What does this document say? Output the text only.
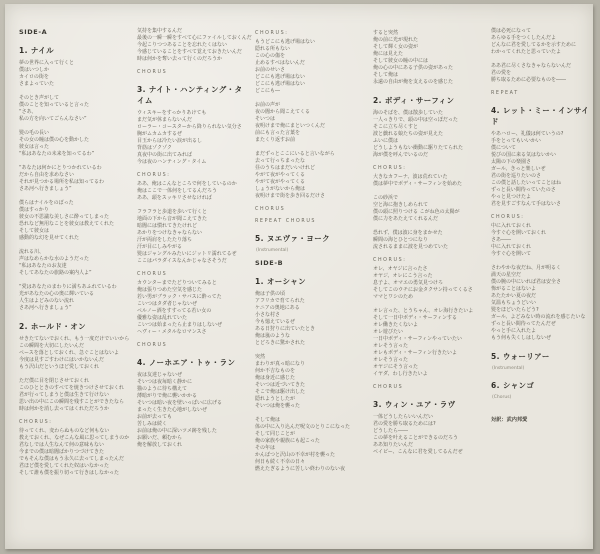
SIDE-A
1. ナイル
夢の世界に入って行くと
僕はいつしか
カイロの街を
さまよっていた
そのとき声がして
僕のことを知っていると言った
“さあ、
私の方を向いてごらんなさい”
髪の毛の長い
その女の瞳は僕の心を動かした
彼女は言った
“私はあなたの未来を知ってるわ”
“あなたは何かにとりつかれているわ
だから自由を求めなさい
それが見つかる場所を私は知ってるわ
さあ河へ行きましょう”
僕らはナイルをのぼった
僕はすっかり
彼女の不思議な美しさに酔ってしまった
恐れなど無用なことを彼女は教えてくれた
そして彼女は
感動的な幻を見せてくれた
流れる川、
声はなめらかな水のようだった
“私はあなたのお友達
そしてあなたの旅路の案内人よ”
“愛はあなたのまわりに満ちあふれているわ
光があなたの心の奥に輝いている
人生はよどみのない流れ
さあ河へ行きましょう”
2. ホールド・オン
せきたてないでおくれ、もう一度だけでいいから
この瞬間を大切にしたいんだ
ペースを落としておくれ、急ぐことはないよ
今度は見すごすわけにはいかないんだ
もう沢山だというほど愛しておくれ
ただ僕に目を閉じさせておくれ
このひとときのすべてを焼きつけさせておくれ
君が行ってしまうと僕は生きて行けない
思い出の中にこの瞬間を残すことができたなら
時は何かを消し去ってはくれただろうか
CHORUS:
待ってくれ、変わらぬものなど何もない
教えておくれ、なぜこんな風に思ってしまうのか
君なしでは人生なんて何の意味もない
今までの僕は暗闇ばかりつづけてきた
でもそんな僕はもう永久に去ってしまったんだ
君ほど僕を愛してくれた奴はいなかった
そして誰も僕を振り切って行きはしなかった
気持を集中するんだ
最後の一瞬一瞬をすべて心にファイルしておくんだ
今起こりつつあることを忘れたくはない
今感じていることをすべて覚えておきたいんだ
時は何かを奪い去って行くのだろうか
CHORUS
3. ナイト・ハンティング・タイム
ウィスキーをすっかりあけても
まだ気が休まらないんだ
ローラー・コースターから降りられない気分さ
胸がムカムカするぜ
目玉からは冷たい涙が出るし
背筋はゾクゾク
真夜中の街に出てみれば
今は夜のハンティング・タイム
CHORUS:
ああ、俺はこんなところで何をしているのか
俺はここで一体何をしてるんだろう
ああ、頭をスッキリさせなければ
フラフラと歩道を歩いて行くと
地面の下から音が聞こえてきた
暗闇には慣れてきたけれど
あかりをつけなきゃならない
汗が両肩をしたたり落ち
汗が目にしみやがる
髪はジャングルみたいにジットリ濡れてるぜ
ここはパラダイスなんかじゃなさそうだ
CHORUS
カウンターまでたどりついてみると
俺は張りつめた空気を感じた
若い男がブラック・サバスに酔ってた
こいつはタダ者じゃないぜ
ペルノー酒をすすってる若い女の
優雅な姿は乱れていた
こいつは始まったら止まりはしないぜ
ヘヴィー・メタルなロマンスさ
CHORUS
4. ノーホエア・トゥ・ラン
夜は友達じゃないぜ
そいつは夜毎暗く静かに
猫のように待ち構えて
薄暗がりで俺に襲いかかる
そいつは暗い夜を壁いっぱいに広げる
まったく生きた心地がしないぜ
お前が去っても
苦しみは続く
お前は俺の中に深いツメ跡を残した
お願いだ、頼むから
俺を解放しておくれ
CHORUS:
もうどこにも逃げ場はない
隠れる所もない
この心の傷を
止めるすべはないんだ
お前のせいさ
どこにも逃げ場はない
どこにも逃げ場はない
どこにも―
お前の声が
夜の闇から聞こえてくる
そいつは
夜明けまで俺にまといつくんだ
前にも言った言葉を
またくり返すお前
まだずっとここにいると言いながら
去って行っちまったな
昼のうちはまだいいけれど
やがて夜がやってくる
やがて夜がやってくる
しょうがないから俺は
夜明けまで街を歩き回るだけさ
CHORUS
REPEAT CHORUS
5. ヌエヴァ・ヨーク
(Instrumental)
SIDE-B
1. オーシャン
俺は子供の頃
アフリカで育てられた
ケニアの奥地にある
小さな村さ
今も憶えているぜ
ある日狩りに出ていたとき
俺は嵐のような
とどろきに驚かされた
突然
まわりが真っ暗になり
何か不吉なものを
俺は身近に感じた
そいつは近づいてきた
そこで俺は駆け出した
隠れようとしたが
そいつは俺を襲った
そして俺は
体の中に入り込んだ呪文のとりこになった
そして同じことが
俺の家族や親族にも起こった
その年は
かんばつと沢山の不幸が村を襲った
何日も続く不幸の日々
燃えたぎるように苦しい終わりのない夜
すると突然
俺の前に光が現れた
そして輝く女の姿が
俺には見えた
そして彼女の瞳の中には
俺の心の中にある子供の姿があった
そして俺は
永遠の自由が俺を支えるのを感じた
2. ボディ・サーフィン
海のそばを、僕は散歩していた
一人っきりで、頭の中は空っぽだった
そこに立ち尽くすと
波と戯れる娘たちの姿が見えた
ふいに僕は
どうしようもない衝動に駆りたてられた
海が僕を呼んでいるのだ
CHORUS:
大きなカフーナ、波は荒れていた
僕は夢中でボディ・サーフィンを始めた
この砂浜で
空と海に抱きしめられて
僕の頭に照りつける こがね色の太陽が
僕に力をあたえてくれるんだ
恐れず、僕は波に身をまかせた
瞬間の海とひとつになり
流されるままに波を見つめていた
CHORUS:
オレ、オヤジに言ったさ
オヤジ、オレにこう言った
息子よ、オマエの勇気見つけろ
そしてこのウチにお金タクサン持ってくるさ
ママとワシのため
オレ言った、とうちゃん、オレ海行きたいよ
そして一日中ボディ・サーフィンする
オレ働きたくないよ
オレ遊びたい
一日中ボディ・サーフィンやっていたい
オレそう言った
オレもボディ・サーフィン行きたいよ
オレそう言った
オヤジにそう言った
イヤダ、わし行きたいよ
CHORUS
3. ウィン・ユア・ラヴ
一体どうしたらいいんだい
君の愛を勝ち取るためには?
どうしたら――
この夢を叶えることができるのだろう
ああ知りたいんだ
ベイビー、こんなに君を愛してるんだぜ
僕は必死になって
あらゆる手をつくしたんだよ
どんなに君を愛してるかを示すために
わかってくれたと思っていたよ
ああ君に尽くさなきゃならないんだ
君の愛を
勝ち取るために必要なものを――
REPEAT
4. レット・ミー・インサイド
やあハロー、礼儀は何ていうの?
手をとってもいいかい
僕について
悦びの国に来る気はないかい
太陽の下の楽園さ
ガール、きっと楽しいぜ
君の街を巡りたいのさ
この僕と話したいってことはね
ずっと長い間待っていたのさ
やっと見つけたよ
君を見すごすなんて手はないさ
CHORUS:
中に入れておくれ
今すぐ心を開いておくれ
さあ――
中に入れておくれ
今すぐ心を開いて
さわやかな夜だね、月が明るく
満天の星空だ
僕の腕の中にいれば君は安全さ
怖がることはないよ
あたたかい夏の夜だ
気温もちょうどいい
髪をほどいたらどう?
ガール、よどみない時の流れを感じたいな
ずっと長い間待ってたんだぜ
やっと手に入れたよ
もう何も失くしはしないぜ
5. ウォーリアー
(Instrumental)
6. シャンゴ
(Chorus)
対訳：武内邦愛
